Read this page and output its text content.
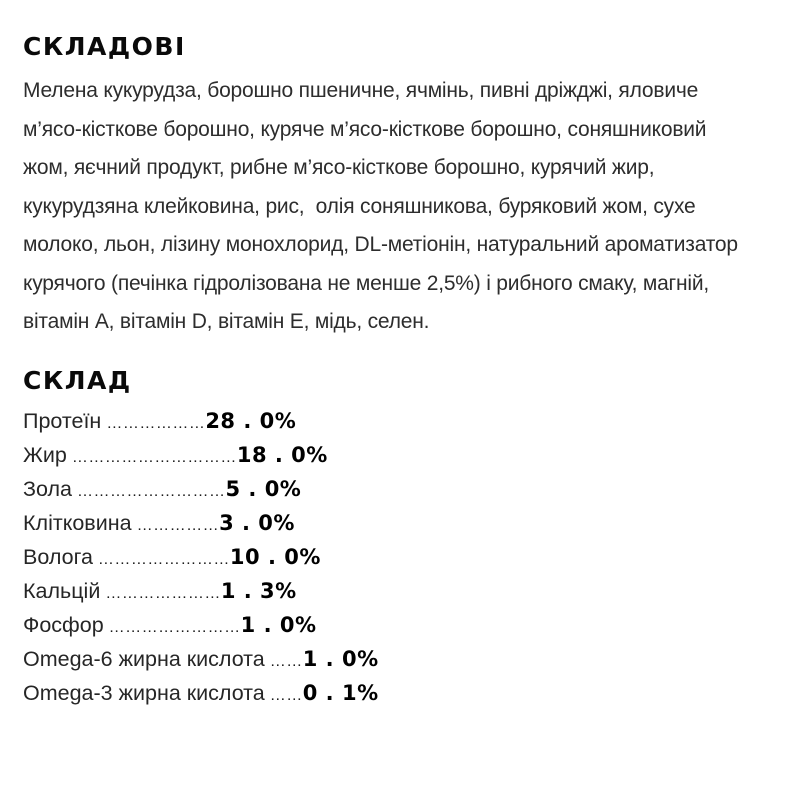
СКЛАДОВІ
Мелена кукурудза, борошно пшеничне, ячмінь, пивні дріжджі, яловиче
м’ясо-кісткове борошно, куряче м’ясо-кісткове борошно, соняшниковий
жом, яєчний продукт, рибне м’ясо-кісткове борошно, курячий жир,
кукурудзяна клейковина, рис,  олія соняшникова, буряковий жом, сухе
молоко, льон, лізину монохлорид, DL-метіонін, натуральний ароматизатор
курячого (печінка гідролізована не менше 2,5%) і рибного смаку, магній,
вітамін A, вітамін D, вітамін E, мідь, селен.
СКЛАД
Протеїн ………………28 . 0%
Жир …………………………18 . 0%
Зола ………………………5 . 0%
Клітковина ……………3 . 0%
Волога ……………………10 . 0%
Кальцій …………………1 . 3%
Фосфор ……………………1 . 0%
Omega-6 жирна кислота ……1 . 0%
Omega-3 жирна кислота ……0 . 1%
